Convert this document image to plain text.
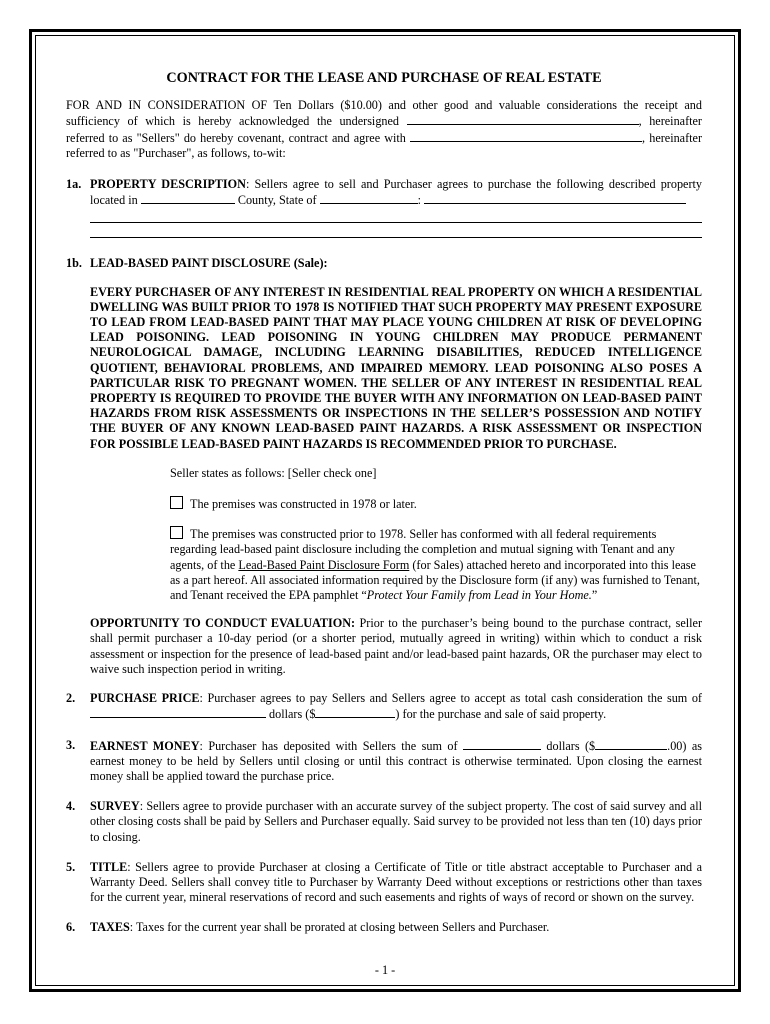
CONTRACT FOR THE LEASE AND PURCHASE OF REAL ESTATE

FOR AND IN CONSIDERATION OF Ten Dollars ($10.00) and other good and valuable considerations the receipt and sufficiency of which is hereby acknowledged the undersigned	, hereinafter referred to as "Sellers" do hereby covenant, contract and agree with	, hereinafter referred to as "Purchaser", as follows, to-wit:

1a. PROPERTY DESCRIPTION: Sellers agree to sell and Purchaser agrees to purchase the following described property located in	County, State of	:

1b. LEAD-BASED PAINT DISCLOSURE (Sale):
EVERY PURCHASER OF ANY INTEREST IN RESIDENTIAL REAL PROPERTY ON WHICH A RESIDENTIAL DWELLING WAS BUILT PRIOR TO 1978 IS NOTIFIED THAT SUCH PROPERTY MAY PRESENT EXPOSURE TO LEAD FROM LEAD-BASED PAINT THAT MAY PLACE YOUNG CHILDREN AT RISK OF DEVELOPING LEAD POISONING. LEAD POISONING IN YOUNG CHILDREN MAY PRODUCE PERMANENT NEUROLOGICAL DAMAGE, INCLUDING LEARNING DISABILITIES, REDUCED INTELLIGENCE QUOTIENT, BEHAVIORAL PROBLEMS, AND IMPAIRED MEMORY. LEAD POISONING ALSO POSES A PARTICULAR RISK TO PREGNANT WOMEN. THE SELLER OF ANY INTEREST IN RESIDENTIAL REAL PROPERTY IS REQUIRED TO PROVIDE THE BUYER WITH ANY INFORMATION ON LEAD-BASED PAINT HAZARDS FROM RISK ASSESSMENTS OR INSPECTIONS IN THE SELLER’S POSSESSION AND NOTIFY THE BUYER OF ANY KNOWN LEAD-BASED PAINT HAZARDS. A RISK ASSESSMENT OR INSPECTION FOR POSSIBLE LEAD-BASED PAINT HAZARDS IS RECOMMENDED PRIOR TO PURCHASE.
Seller states as follows: [Seller check one]
The premises was constructed in 1978 or later.
The premises was constructed prior to 1978. Seller has conformed with all federal requirements regarding lead-based paint disclosure including the completion and mutual signing with Tenant and any agents, of the Lead-Based Paint Disclosure Form (for Sales) attached hereto and incorporated into this lease as a part hereof. All associated information required by the Disclosure form (if any) was furnished to Tenant, and Tenant received the EPA pamphlet “Protect Your Family from Lead in Your Home.”

OPPORTUNITY TO CONDUCT EVALUATION: Prior to the purchaser’s being bound to the purchase contract, seller shall permit purchaser a 10-day period (or a shorter period, mutually agreed in writing) within which to conduct a risk assessment or inspection for the presence of lead-based paint and/or lead-based paint hazards, OR the purchaser may elect to waive such inspection period in writing.

2. PURCHASE PRICE: Purchaser agrees to pay Sellers and Sellers agree to accept as total cash consideration the sum of  dollars ($	) for the purchase and sale of said property.

3. EARNEST MONEY: Purchaser has deposited with Sellers the sum of	dollars ($	.00) as earnest money to be held by Sellers until closing or until this contract is otherwise terminated. Upon closing the earnest money shall be applied toward the purchase price.

4. SURVEY: Sellers agree to provide purchaser with an accurate survey of the subject property. The cost of said survey and all other closing costs shall be paid by Sellers and Purchaser equally. Said survey to be provided not less than ten (10) days prior to closing.

5. TITLE: Sellers agree to provide Purchaser at closing a Certificate of Title or title abstract acceptable to Purchaser and a Warranty Deed. Sellers shall convey title to Purchaser by Warranty Deed without exceptions or restrictions other than taxes for the current year, mineral reservations of record and such easements and rights of ways of record or shown on the survey.

6. TAXES: Taxes for the current year shall be prorated at closing between Sellers and Purchaser.

- 1 -
